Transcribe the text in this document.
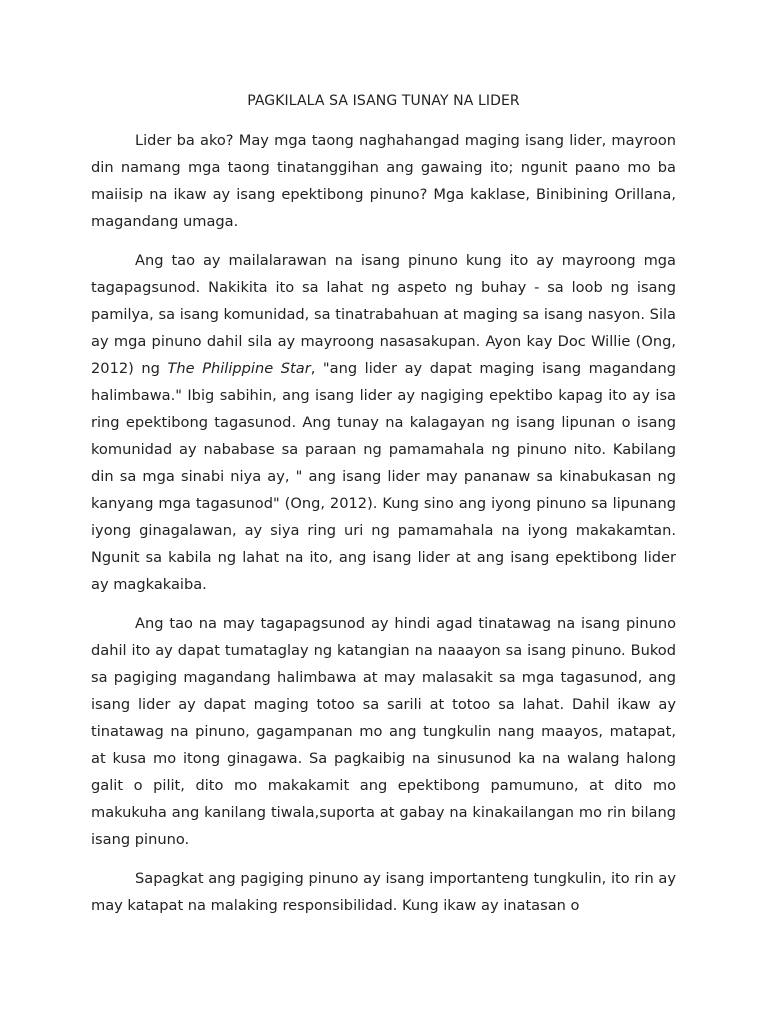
PAGKILALA SA ISANG TUNAY NA LIDER

Lider ba ako? May mga taong naghahangad maging isang lider, mayroon din namang mga taong tinatanggihan ang gawaing ito; ngunit paano mo ba maiisip na ikaw ay isang epektibong pinuno? Mga kaklase, Binibining Orillana, magandang umaga.

Ang tao ay mailalarawan na isang pinuno kung ito ay mayroong mga tagapagsunod. Nakikita ito sa lahat ng aspeto ng buhay - sa loob ng isang pamilya, sa isang komunidad, sa tinatrabahuan at maging sa isang nasyon. Sila ay mga pinuno dahil sila ay mayroong nasasakupan. Ayon kay Doc Willie (Ong, 2012) ng The Philippine Star, "ang lider ay dapat maging isang magandang halimbawa." Ibig sabihin, ang isang lider ay nagiging epektibo kapag ito ay isa ring epektibong tagasunod. Ang tunay na kalagayan ng isang lipunan o isang komunidad ay nababase sa paraan ng pamamahala ng pinuno nito. Kabilang din sa mga sinabi niya ay, " ang isang lider may pananaw sa kinabukasan ng kanyang mga tagasunod" (Ong, 2012). Kung sino ang iyong pinuno sa lipunang iyong ginagalawan, ay siya ring uri ng pamamahala na iyong makakamtan. Ngunit sa kabila ng lahat na ito, ang isang lider at ang isang epektibong lider ay magkakaiba.

Ang tao na may tagapagsunod ay hindi agad tinatawag na isang pinuno dahil ito ay dapat tumataglay ng katangian na naaayon sa isang pinuno. Bukod sa pagiging magandang halimbawa at may malasakit sa mga tagasunod, ang isang lider ay dapat maging totoo sa sarili at totoo sa lahat. Dahil ikaw ay tinatawag na pinuno, gagampanan mo ang tungkulin nang maayos, matapat, at kusa mo itong ginagawa. Sa pagkaibig na sinusunod ka na walang halong galit o pilit, dito mo makakamit ang epektibong pamumuno, at dito mo makukuha ang kanilang tiwala,suporta at gabay na kinakailangan mo rin bilang isang pinuno.

Sapagkat ang pagiging pinuno ay isang importanteng tungkulin, ito rin ay may katapat na malaking responsibilidad. Kung ikaw ay inatasan o
